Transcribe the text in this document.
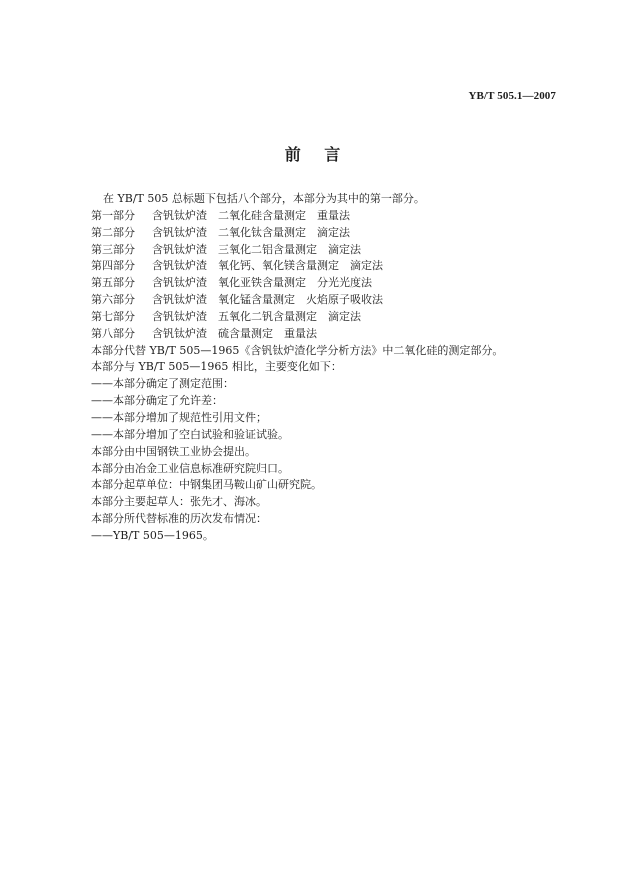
YB/T 505.1—2007
前 言
在 YB/T 505 总标题下包括八个部分，本部分为其中的第一部分。
第一部分 含钒钛炉渣 二氧化硅含量测定 重量法
第二部分 含钒钛炉渣 二氧化钛含量测定 滴定法
第三部分 含钒钛炉渣 三氧化二铝含量测定 滴定法
第四部分 含钒钛炉渣 氧化钙、氧化镁含量测定 滴定法
第五部分 含钒钛炉渣 氧化亚铁含量测定 分光光度法
第六部分 含钒钛炉渣 氧化锰含量测定 火焰原子吸收法
第七部分 含钒钛炉渣 五氧化二钒含量测定 滴定法
第八部分 含钒钛炉渣 硫含量测定 重量法
本部分代替 YB/T 505—1965《含钒钛炉渣化学分析方法》中二氧化硅的测定部分。
本部分与 YB/T 505—1965 相比，主要变化如下：
——本部分确定了测定范围：
——本部分确定了允许差：
——本部分增加了规范性引用文件；
——本部分增加了空白试验和验证试验。
本部分由中国钢铁工业协会提出。
本部分由冶金工业信息标准研究院归口。
本部分起草单位：中钢集团马鞍山矿山研究院。
本部分主要起草人：张先才、海冰。
本部分所代替标准的历次发布情况：
——YB/T 505—1965。
